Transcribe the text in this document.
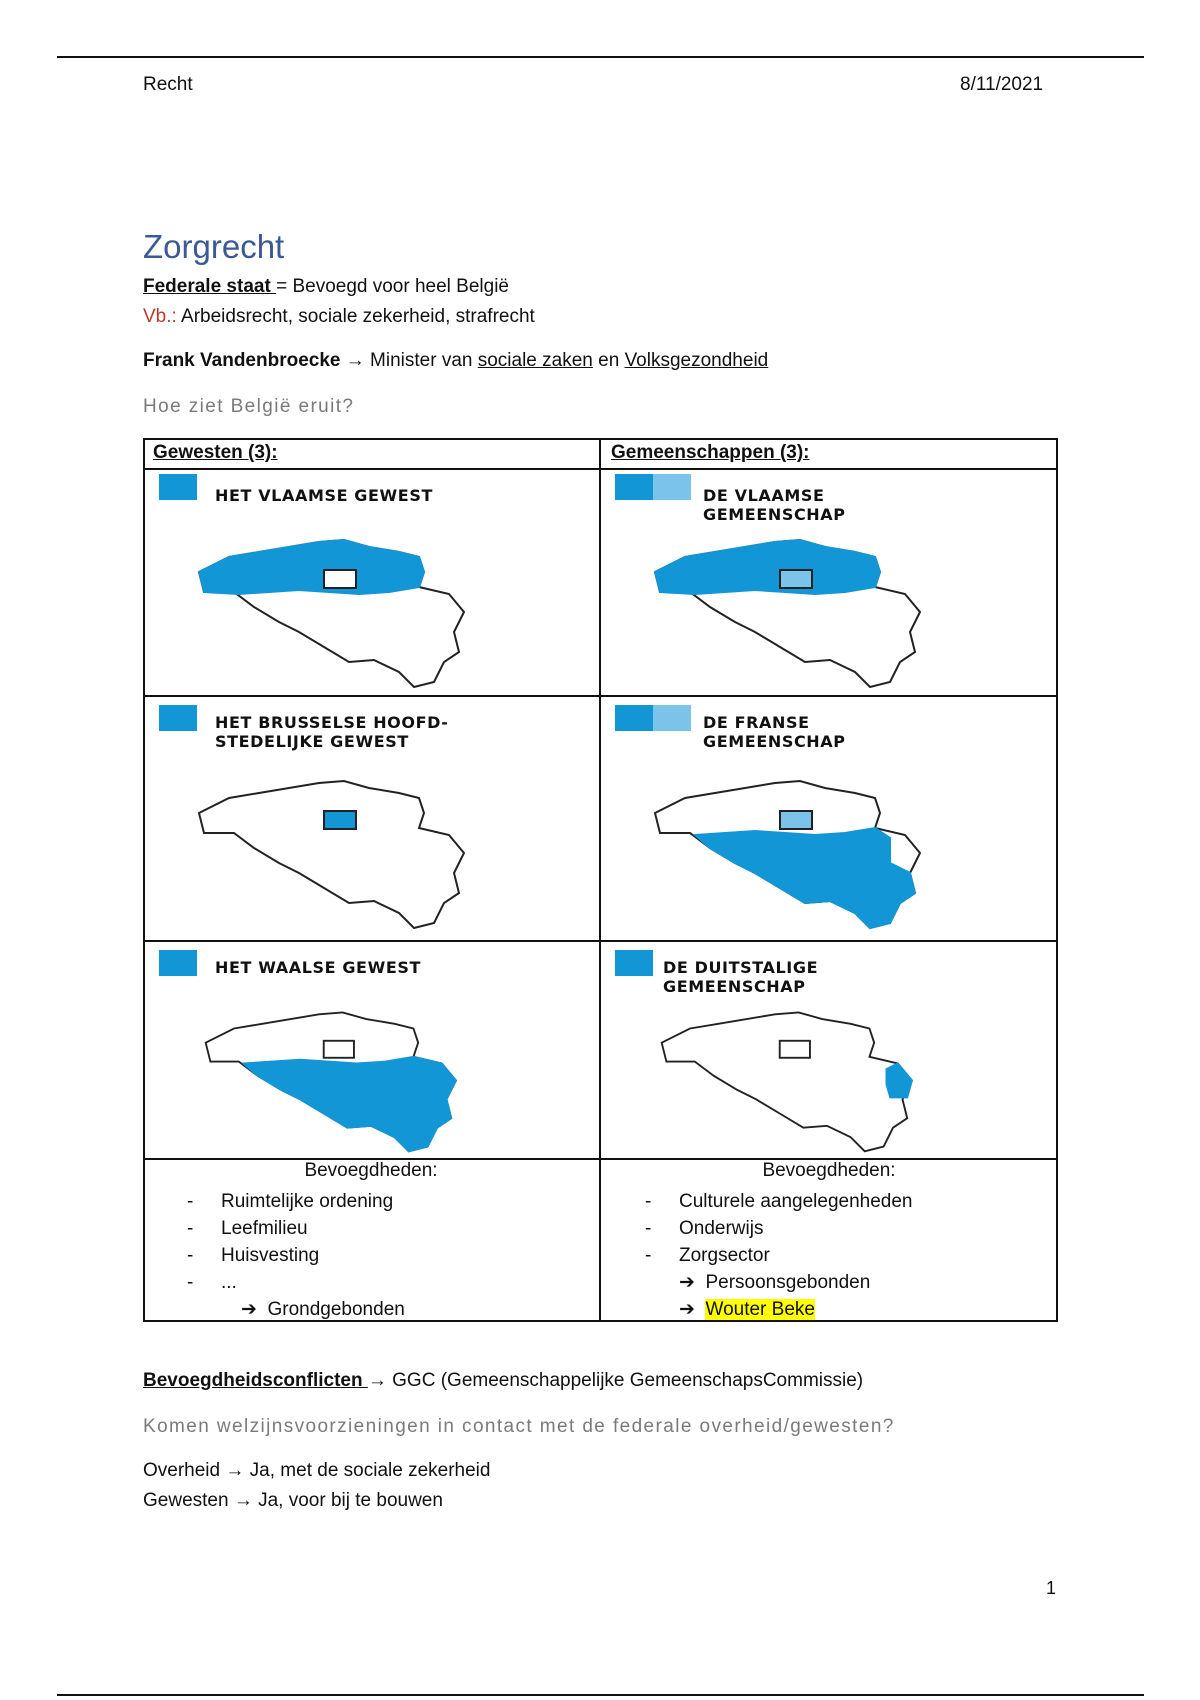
Recht	8/11/2021
Zorgrecht
Federale staat = Bevoegd voor heel België
Vb.: Arbeidsrecht, sociale zekerheid, strafrecht
Frank Vandenbroecke → Minister van sociale zaken en Volksgezondheid
Hoe ziet België eruit?
Gewesten (3):	Gemeenschappen (3):
HET VLAAMSE GEWEST
HET BRUSSELSE HOOFD-
STEDELIJKE GEWEST
HET WAALSE GEWEST
DE VLAAMSE
GEMEENSCHAP
DE FRANSE
GEMEENSCHAP
DE DUITSTALIGE
GEMEENSCHAP
Bevoegdheden:
- Ruimtelijke ordening
- Leefmilieu
- Huisvesting
- ...
➔ Grondgebonden
Bevoegdheden:
- Culturele aangelegenheden
- Onderwijs
- Zorgsector
➔ Persoonsgebonden
➔ Wouter Beke
Bevoegdheidsconflicten → GGC (Gemeenschappelijke GemeenschapsCommissie)
Komen welzijnsvoorzieningen in contact met de federale overheid/gewesten?
Overheid → Ja, met de sociale zekerheid
Gewesten → Ja, voor bij te bouwen
1
